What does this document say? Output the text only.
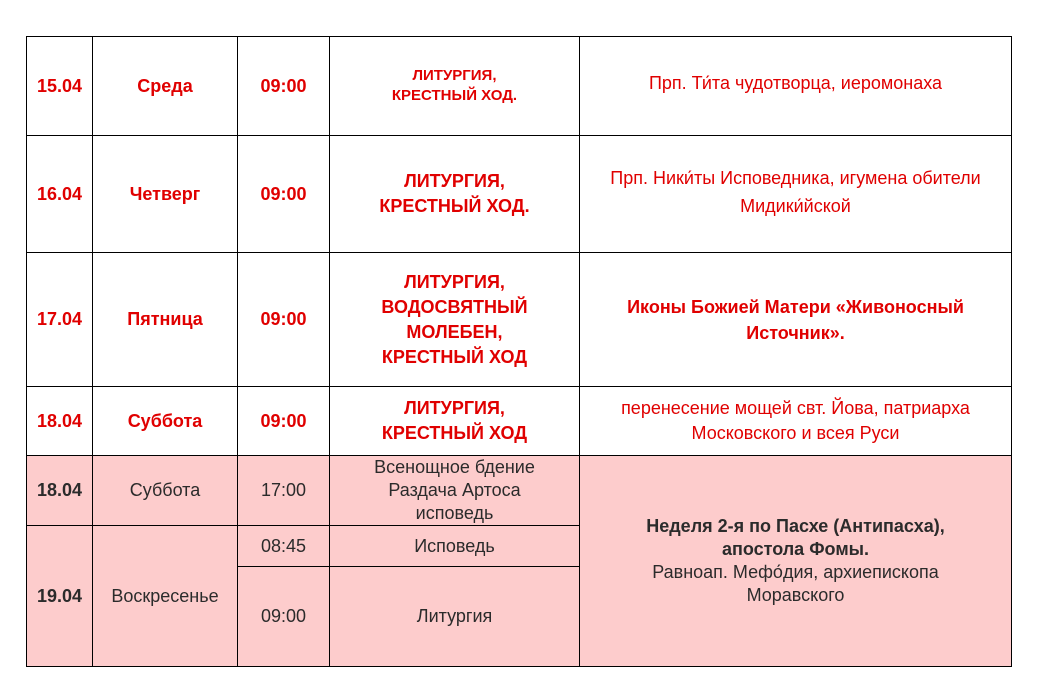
15.04	Среда	09:00	ЛИТУРГИЯ,
КРЕСТНЫЙ ХОД.	Прп. Ти́та чудотворца, иеромонаха

16.04	Четверг	09:00	ЛИТУРГИЯ,
КРЕСТНЫЙ ХОД.	Прп. Ники́ты Исповедника, игумена обители
Мидики́йской

17.04	Пятница	09:00	ЛИТУРГИЯ,
ВОДОСВЯТНЫЙ
МОЛЕБЕН,
КРЕСТНЫЙ ХОД	Иконы Божией Матери «Живоносный
Источник».

18.04	Суббота	09:00	ЛИТУРГИЯ,
КРЕСТНЫЙ ХОД	перенесение мощей свт. Йова, патриарха
Московского и всея Руси

18.04	Суббота	17:00	Всенощное бдение
Раздача Артоса
исповедь	Неделя 2-я по Пасхе (Антипасха),
апостола Фомы.
Равноап. Мефо́дия, архиепископа
Моравского

19.04	Воскресенье	08:45	Исповедь	
		09:00	Литургия	
